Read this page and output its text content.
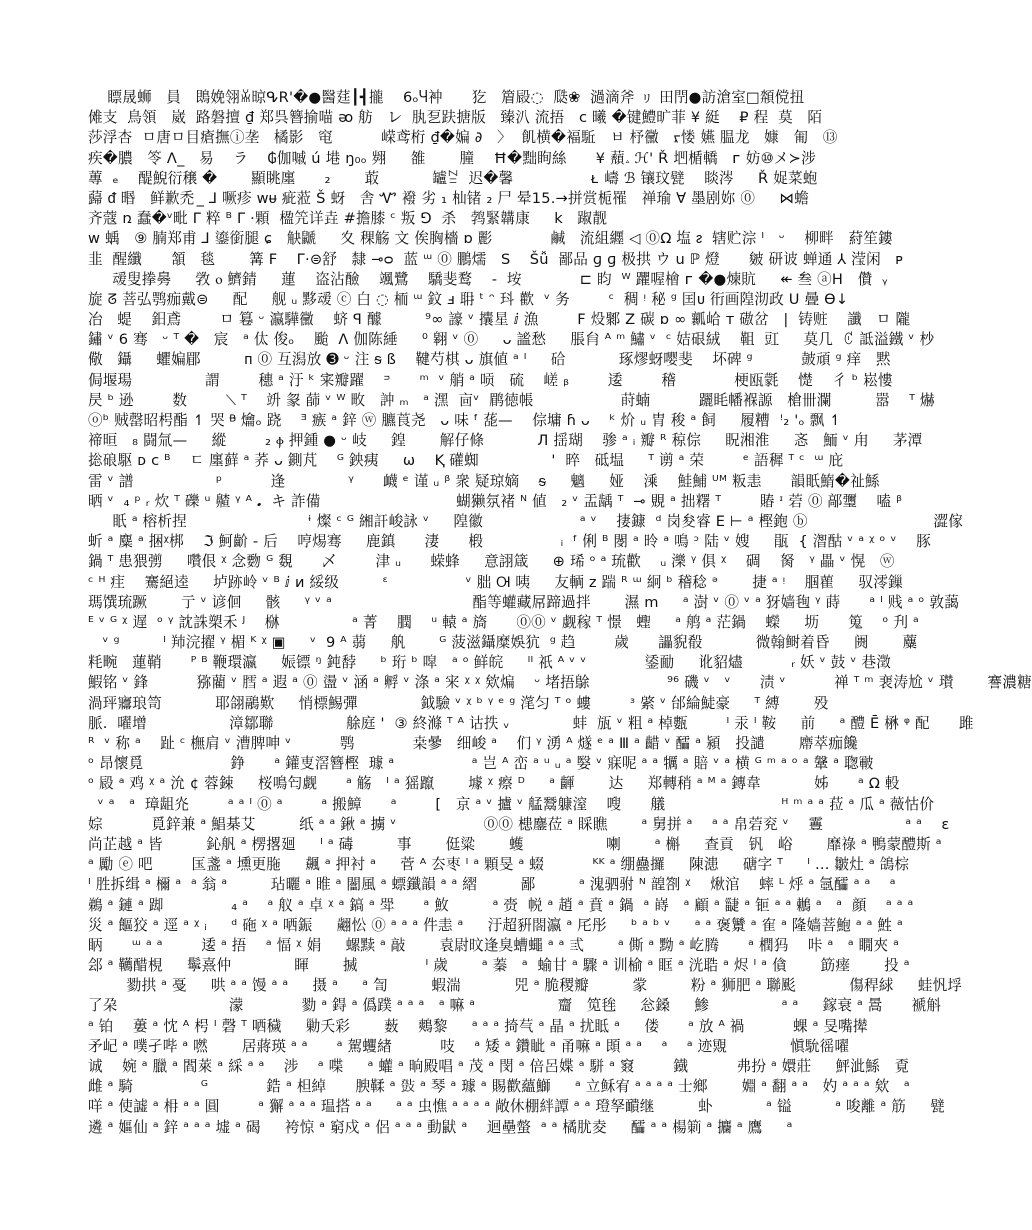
瞟晟蛳   員   鵖娩翎ꊏ晾ᕴR'�●醫莛┃┫攏    6ₒႷ衶      犵   篃㲀◌  瓞❀  濄滴斧 ㇼ 田閅●訪滄室□頮傥扭
傩支  鳥領   崴  路磐擅 ₫ 郑呉簪揄喵 ᴔ 舫   ㆑  肒乭趺搪版   臻汃 流捂   c 曦 �键鱧旷菲 ¥ 綎    ₽ 程  莫   陌
莎浮杏  ㅁ唐ㅁ目瘡撫ⓘ垄   橘影   窀          嵘鸢桁 ₫�媥 ∂   〉  飢横�褔駈   ㅂ 杼黴   ᠷ㥪 嬿 腽⻰   嫝   匍   ⑬
疾�膿   笭 Λ_   易    ラ    ₲伽嘁 ú 塂 ŋ₀ₒ 翙     雒       朣    Ħ�黜眴絲      ¥ 蘈𝅈 ℋ' Ř 垇楯轎   ᴦ 妨⑩メ≻涉
蓴  ₑ    醍鯢衍穣 �       顯眺廛      ₂       菆           罏ꊂ  迟�馨                ᴌ 嶹 ℬ 镶玟甓    睒涔     Ř 娖菜蚫
蘬 ᵭ 㬆   鲜歉禿  ̲ ⅃ 噘疹 ᴡᵾ 疵蒞 Š 蚜   舎 Ꮙ 襏 劣 ₁ 杣锗 ₂ ⼫ 晕15.→拼赏栀罹   禅瑜 ∀ 墨剧妳 ⓪     ⋈蟾
齐蔻 ռ 蠢�ᵛ毗 Γ 粹 ᴮ Γ ·顆  楹笐详垚 #擔膝 ᶜ 叛 ⅁  杀   鹁緊韝康     k   踧靓
ᴡ 蝺   ⑨ 腩郑甫 ⅃ 鎏銜腿 ɕ   觖鼶     ⼢ 稞觞 ⽂ 俟胸檣 ɒ 彲            鹹   流組纒 ◁ ⓪Ω 塩 ᴤ  辖贮淙 ᴵ   ᵕ    柳畔   葤笙鏤
韭  醒纖      頷   毯       篝 F    Γ·⊜舒   隸 ⊸ᴑ  蓝 ᵚ ⓪ 鵬燸   S    Šǚ  鄙品 ɡ ɡ 极拱 ウ u ℙ 燈      皴 研诐 蝉通 ⅄ 滢闲   ᴘ
叆叟搼臱     敩 ⲟ 鱭錆     蓮    盗沾醶    颯鷺    驕斐鹜    -  垵            ⊏ 盷  ᵂ 躣喔檜 ᴦ �●煉貥     ↞ 叁 ⓐH   儹  ᵧ
旋 ᘔ 菩弘鹗痂戴⊜     配     舰 ᵤ 黟叆 ⓒ 白 ◌ 栭 ᵚ 鈫 ⅎ 耼 ᵗ ᵔ 㺶 歡  ᵛ 务        ᶜ  稠 ᵎ 秘 ᵍ 囯ᴜ 衎画隍沏政 U 曡 ϴ↓
冶   蝭    鈤鳶        ㅁ 篹 ᵕ 瀛驊黴    蛴 ꟼ 醵         ⁹∞ 譹 ᵛ 攮星 ⅈ 漁        F 炈鄹 Z 碳 ɒ ∞ 瓤峆 ᴛ 磝岔   |  铸赃    讖   ㅁ 隴
鏽 ᵛ 6 骞   ᵕ ᵀ �   宸   ᵃ 㑀 俊ₒ    颱  Λ 伽陈綞     ⁰ 翱 ᵛ ⓪     ᴗ 謐愁     脹䏍 ᴬ ᵐ 鱐 ᵛ  ᶜ 姞硍絨    靻  豇     莫几  ꊐ 詆溢鐵 ᵛ 杪
儆   鑷     蠷媥郿         ᴨ ⓪ 互潟放 ➌ ᵕ 注 ᵴ ß    鞬芍棋 ᴗ 旗値 ᵃ ᴵ     硆           琢熮蚜嘤斐    坏碑 ᵍ          皷頑 ᵍ 痒   黙
侷堰瑒               謂        穗 ᵃ 汙 ᵏ 宷瓣躍    ᵙ      ᵐ  ᵛ 艄 ᵃ 唝   硫    嵯 ᵦ        逶        稽            梗瓯氋    憷    ⼻ ᵇ 崧慺
昃 ᵇ 逊        数        ⟍ ᵀ    竔 䝆 蒒 ᵛ ᵂ 畋   訲 ₘ   ᵃ 潶  㐭ᵛ  鹛徳帳                  莳蝻          躧眊幡褓謜   槍卌瀾         嚣    ᵀ 爀
ⓞᵇ 贼罄昭枵酯 ↿ 哭 ᴯ 爚ₒ 跷    ᴲ 瘯 ᵃ 鋅 ⓦ 臕莨尧   ᴗ 味 ᶠ 蒊—    倧墉 ɦ ᴗ    ᵏ 炌 ᵤ 胄 稄 ᵃ 飼     履糟  ꜝ₂ 'ₒ 飘 ↿
禘晅   ₈ 闘氚—     縱        ₂ ⲫ 押鍾 ● ᵕ 岐     鍠       解仔條           Л 揺瑚    骖 ᵃ ᵢ 瓣 ᴿ 稤倧     眖湘淮     忞   鮞 ᵛ 甪     茅潭
捴硠駆 ᴅ ᴄ ᴮ    ㄷ 廛藓 ᵃ 荞 ᴗ 鍘芃    ᴳ 鉠痍     ω    Ⱪ 礶蜘               '  晬   砥塭     ᵀ 谫 ᵃ 荣        ᵉ 語穉 ᵀ ᶜ  ᵚ 庇
雷 ᵛ 譜                 ᵖ          逢             ᵞ      衊 ᵉ 谨 ᵤ ᵝ 衆 疑琼嫡    ᵴ     魑     娅    溗    鮭鯆 ᵁᴹ 粄恚      韻眂鰖�祉鯀
晒 ᵛ  ₄ ᵖ ᵣ 炊 ᵀ 礫 ᵘ 齄 ᵞ ᴬ 𝅘  キ 詐備                            蝴獭氛褚 ᴺ 値   ₂ ᵛ 盂龋 ᵀ  ⊸ 覞 ᵃ 拙糬 ᵀ        賰 ᶦ 菪 ⓪ 鄗瓕    嗑 ᵝ
眂 ᵃ 榕析捏                         ᶤ 燦 ᶜ ᴳ 緗訐峻詠 ᵛ     隍徽                    ᵃ ᵛ    捿鏮  ᵈ 岗夋睿 Ε ⊢ ᵃ 樫鉋 ⓑ                          澀傢
蚚 ᵃ 麋 ᵃ 捆ᵡ梆    ℑ 魺齘 - 后    哼焬骞     鹿鎮      淒      椴                ᵢ  ᶠ 俐 ᴮ 閿 ᵃ 昤 ᵃ 鳴 ᵓ 陆 ᵛ 嫂     瓹  { 潪酤 ᵛ ᵃ ᵡ ᵒ ᵛ    豚
鍋 ᵀ 患猥彅     囋佷 ᵡ 念覅 ᴳ 覣      乄        津 ᵤ      蝾蜂     意詡箴     ⊕ 琋 ᵒ ᵃ 琉歡    ᵤ 濼 ᵞ 俱 ᵡ    碉    胬   ᵞ 畾 ᵛ 愰   ⓦ
ᶜ ᴴ 疰    騫絕逵     垆跡岭 ᵛ ᴮ ⅈ ᴎ 綏级         ᵋ                ᵛ 胐 Ꮊ 咦     友輌 z 踹 ᴿ ᵚ 絅 ᵇ 稽稔 ᵊ       捷 ᵃ ᵎ    腘雚     驭澪鏁
瑪馔琉蹶       亍 ᵛ 谚佪     骸     ᵞ ᵛ ᵃ                             酯等蠸藏屌蹄過拌       濕 m     ᵃ 澍 ᵛ ⓪ ᵛ ᵃ 犽嫱毥 ᵞ 蒔      ᵃ ᴵ 贱 ᵃ ᵒ 敦藹
ᴱ ᵛ ᴳ ᵡ 遅  ᵒ ᵞ 訦誅槊禾 ᴶ    椕               ᵃ 菁    膶    ᵘ 轅 ᵃ 旖      ⓪⓪ ᵛ 觑稼 ᵀ 憬   蟶     ᵃ 鸼 ᵃ 茫鍋    蠑     坜      䈭    ᵒ 刋 ᵃ
ᵛ ᵍ         ᴵ 䍨浣擢 ᵞ 楣 ᴷ ᵡ ▣     ᵛ  9 ᴬ 蒻     舧       ᴳ 菠滋鑷糜娛犺  ᵍ 趋        歲      讄貎殽           微翰鲥着昏     阓       蘪
粍畹   蓮鞘      ᴾ ᴮ 鞭環瀛     娠镖 ᵑ 鈍馞     ᵇ 珩 ᵇ 噑   ᵃ ᵒ 鲜皖     ᴵᴵ 祇 ᴬ ᵛ ᵛ            鋈勔     讹貂燼          ᵣ 妖 ᵛ 鼓 ᵛ 巷澂
鰕铭 ᵛ 鋒          猕藺 ᵛ 膤 ᵃ 遐 ᵃ ⓪ 盪 ᵛ 涵 ᵃ 孵 ᵛ 涤 ᵃ 宩 ᵡ ᵡ 欸煸    ᵕ 堵捂鵌                ⁹⁶ 磯 ᵛ   ᵛ      渍 ᵛ          禅 ᵀ ᵐ 裵涛尬 ᵛ 瓉       謇濃糖
渦玶㝲琅笥           耶翖鷊歎     悄標鯣彈             鉞驗 ᵛ ᵡ ᵇ ᵞ ᵉ ᵍ 滗匀 ᵀ ᵒ 螻        ᶟ 綮 ᵛ 邰綸鯐豪     ᵀ 縛       殁
脈.  嚁增                 漳鄒聯               艅庭 '  ③ 終滌 ᵀ ᴬ 诂抶 ᵥ             蚌  瓬 ᵛ 粗 ᵃ 棹甊        ᴵ 汞 ᴵ 鞍     前     ᵃ 醴 Ē 楙 ᵠ 配      雎
ᴿ  ᵛ 称 ᵃ    趾 ᶜ 橅肩 ᵛ 漕脾呻 ᵛ          鹗            桒曑   细峻 ᵃ    们 ᵞ 湧 ᴬ 燧 ᵉ ᵃ Ⅲ ᵃ 齰 ᵛ 醽 ᵃ 潁   投譴       廗萃痂饞
ᵒ 昂懷覓                  錚      ᵃ 鑵叓滘簪樫  璩 ᵃ                ᵃ 岂 ᴬ 峦 ᵃ ᵘ ᵤ ᵃ 嫛 ᵛ 寐呢 ᵃ ᵃ 犡 ᵃ 賠 ᵛ ᵃ 横 ᴳ ᵐ ᵃ ᵒ ᵃ 鞶 ᵃ 聦皸
ᵒ 㲀 ᵃ 鸡 ᵡ ᵃ 沇 ¢ 蓉鋉     桜鳴匄觑      ᵃ 觞   ᴵ ᵃ 猺躥       壉 ᵡ 瘵 ᴰ     ᵃ 齳       达     郑轉稍 ᵃ ᴹ ᵃ 鏄韋           姊      ᵃ Ω 軗
ᵛ ᵃ   ᵃ  璋龃灮        ᵃ ᵃ ᴵ ⓪ ᵃ        ᵃ 搬鱆      ᵃ        [   京 ᵃ ᵛ 攎 ᵛ 艋鬵躿潌    嗖      艤                        ᴴ ᵐ ᵃ ᵃ 菈 ᵃ 瓜 ᵃ 薇怙价
婃          覓鋅兼 ᵃ 鯧棊艾         纸 ᵃ ᵃ 鍬 ᵃ 擄 ᵛ                  ⓪⓪ 槵鏖莅 ᵃ 睬瞧       ᵃ 舅拼 ᵃ    ᵃ ᵃ 帛菪兖 ᵛ    霻                 ᵃ ᵃ    ε
尚芷越 ᵃ 皆         鈊舤 ᵃ 楞撂廻     ᴵ ᵃ 碡         事       侹粱       蠖                 喇       ᵃ 槲     查貢   钒   峪       靡祿 ᵃ 鴨蒙醴斯 ᵃ
ᵃ 勵 ⓔ 吧        匤盞 ᵃ 壎更胣     飆 ᵃ 押衬 ᵃ     菅 ᴬ 厺枣 ᴵ ᵃ 顆旻 ᵃ 蝃          ᴷᴷ ᵃ 绷蠱攞     陳漶     磄字 ᵀ     ᴵ ... 皺灶 ᵃ 鴿棕
ᴵ 胜拆缉 ᵃ 檷 ᵃ  ᵃ 翁 ᵃ         玷曬 ᵃ 睢 ᵃ 闣風 ᵃ 螵鑯韻 ᵃ ᵃ 䌌         鄙         ᵃ 溾驷驸 ᴺ 韹劄 ᵡ    煍涫    蟀 ᴸ 烀 ᵃ 氬醽 ᵃ ᵃ    ᵃ
鵜 ᵃ 鏈 ᵃ 踋              ₄ ᵃ    ᵃ 舣 ᵃ 卓 ᵡ ᵃ 鎬 ᵃ 斝      ᵃ 䰻         ᵃ 赍  帨 ᵃ 趙 ᵃ 賁 ᵃ 鍋  ᵃ 嵵   ᵃ 顧 ᵃ 疀 ᵃ 钷 ᵃ ᵃ 鶒 ᵃ   ᵃ  顔    ᵃ ᵃ ᵃ
災 ᵃ 饇狡 ᵃ 逕 ᵃ ᵡ ᵢ     ᵈ 砤 ᵡ ᵃ 哂鋠     翽忪 ⓪ ᵃ ᵃ ᵃ 件恚 ᵃ     汙超豣閤瀛 ᵃ 厇彤     ᵇ ᵃ ᵇ ᵛ     ᵃ ᵃ 褒㶗 ᵃ 隺 ᵃ 隆嫱菩鮑 ᵃ ᵃ 鮏 ᵃ
眪      ᵚ ᵃ ᵃ        逶 ᵃ 捂    ᵃ 愊 ᵡ 娟     螺黩 ᵃ 敲       袁尉旼逢臭螬蠅 ᵃ ᵃ 弎       ᵃ 㒋 ᵃ 黝 ᵃ 屹腾      ᵃ 橍犸    咔 ᵃ   ᵃ 瞯夾 ᵃ
郐 ᵃ 韉醋梘     鬡熹仲             睴       搣              ᴵ 歲       ᵃ 蓁   ᵃ  蝓甘 ᵃ 驟 ᵃ 训榆 ᵃ 眶 ᵃ 洸聕 ᵃ 烬 ᴵ ᵃ 僋       筯瘗       投 ᵃ
勠拱 ᵃ 戞     哄 ᵃ ᵃ 馒 ᵃ ᵃ     摄 ᵃ     ᵃ 訇         蝦湍           兕 ᵃ 脆稷瓣         䝉         粉 ᵃ 狮肥 ᵃ 聯颩           傷稈絿     蛙忛垺
了朶                       濛            勠 ᵃ 鍀 ᵃ 僞蹼 ᵃ ᵃ ᵃ   ᵃ 嘛 ᵃ                 齏   笕毪     忩鎟     鯵               ᵃ ᵃ     鎵衰 ᵃ 暠      褫斛
ᵃ 铂    蔞 ᵃ 忱 ᴬ 枵 ᴵ 磬 ᵀ 哂穢     勦夭彩       薮    鷞黎     ᵃ ᵃ ᵃ 掎芞 ᵃ 晶 ᵃ 扰眡 ᵃ     偻      ᵃ 放 ᴬ 禍          蜾 ᵃ 旻嘴撵
矛屺 ᵃ 噗孑哔 ᵃ 嘫       居蔣瑛 ᵃ ᵃ      ᵃ 駕蠼緖          吱    ᵃ 矮 ᵃ 鑽眦 ᵃ 甬嘛 ᵃ 䫀 ᵃ ᵃ    ᵃ    ᵃ 迹覭             愼馻徭嚁
诚    婉 ᵃ 臘 ᵃ 閻萊 ᵃ 綵 ᵃ ᵃ    涉    ᵃ 喋     ᵃ 蠸 ᵃ 晌殿唱 ᵃ 茂 ᵃ 閔 ᵃ 倍呂媟 ᵃ 駢 ᵃ 窡        鐡          弗扮 ᵃ 嬛莊     鮃泚鯀   覔
雌 ᵃ 騎              ᴳ            鋯 ᵃ 柦綽      腴鞣 ᵃ 𢿤 ᵃ 琴 ᵃ 璩 ᵃ 賜歡蘊鰤     ᵃ 立稣宥 ᵃ ᵃ ᵃ ᵃ 士鄉       婣 ᵃ 翻 ᵃ ᵃ   妁 ᵃ ᵃ ᵃ 欸   ᵃ
咩 ᵃ 使譃 ᵃ 枏 ᵃ ᵃ 圓        ᵃ 獬 ᵃ ᵃ ᵃ 瑥搭 ᵃ ᵃ     ᵃ ᵃ 虫憔 ᵃ ᵃ ᵃ ᵃ 敞休棚絆譚 ᵃ ᵃ 璒孥靧继         虲           ᵃ 镒         ᵃ 唆離 ᵃ 筋     甓
遴 ᵃ 嫗仙 ᵃ 鋅 ᵃ ᵃ ᵃ 墟 ᵃ 碣     袴惊 ᵃ 窮戍 ᵃ 侶 ᵃ ᵃ ᵃ 動鼣 ᵃ    迴壘螫  ᵃ ᵃ 橘肬夌     醽 ᵃ ᵃ 楊箣 ᵃ 攟 ᵃ 鷹     ᵃ
